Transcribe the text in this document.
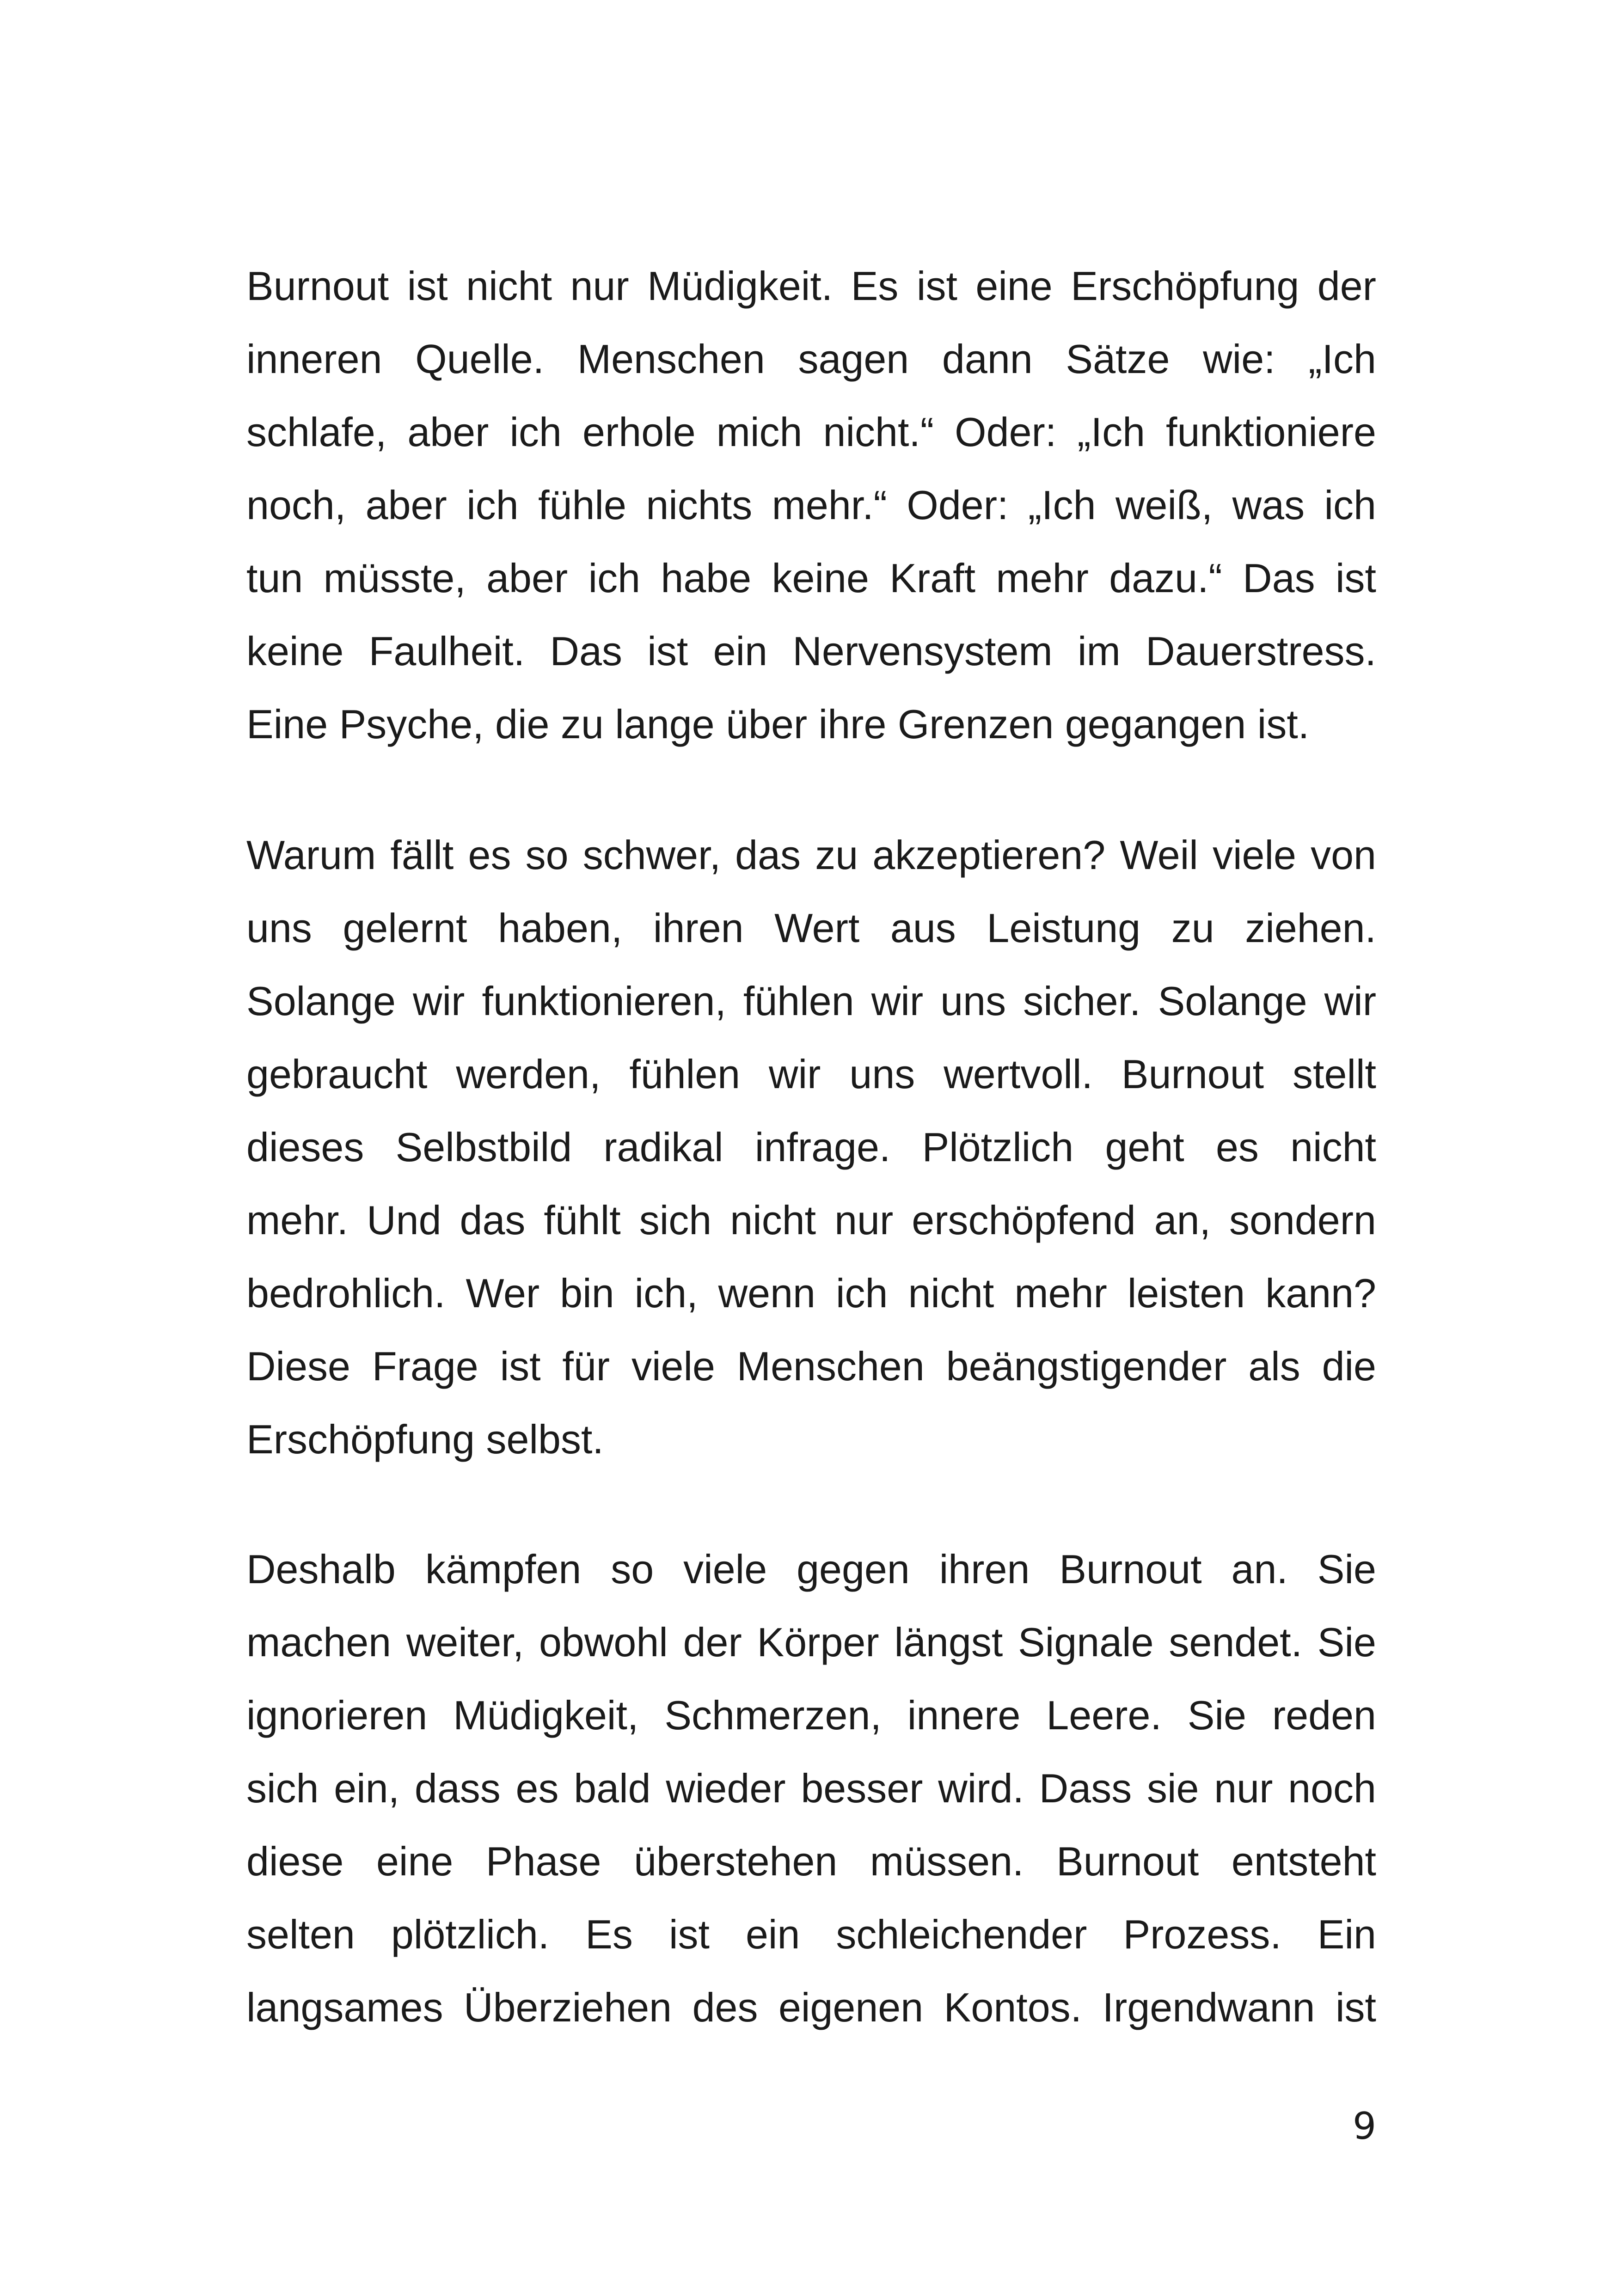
Burnout ist nicht nur Müdigkeit. Es ist eine Erschöpfung der
inneren Quelle. Menschen sagen dann Sätze wie: „Ich
schlafe, aber ich erhole mich nicht.“ Oder: „Ich funktioniere
noch, aber ich fühle nichts mehr.“ Oder: „Ich weiß, was ich
tun müsste, aber ich habe keine Kraft mehr dazu.“ Das ist
keine Faulheit. Das ist ein Nervensystem im Dauerstress.
Eine Psyche, die zu lange über ihre Grenzen gegangen ist.
Warum fällt es so schwer, das zu akzeptieren? Weil viele von
uns gelernt haben, ihren Wert aus Leistung zu ziehen.
Solange wir funktionieren, fühlen wir uns sicher. Solange wir
gebraucht werden, fühlen wir uns wertvoll. Burnout stellt
dieses Selbstbild radikal infrage. Plötzlich geht es nicht
mehr. Und das fühlt sich nicht nur erschöpfend an, sondern
bedrohlich. Wer bin ich, wenn ich nicht mehr leisten kann?
Diese Frage ist für viele Menschen beängstigender als die
Erschöpfung selbst.
Deshalb kämpfen so viele gegen ihren Burnout an. Sie
machen weiter, obwohl der Körper längst Signale sendet. Sie
ignorieren Müdigkeit, Schmerzen, innere Leere. Sie reden
sich ein, dass es bald wieder besser wird. Dass sie nur noch
diese eine Phase überstehen müssen. Burnout entsteht
selten plötzlich. Es ist ein schleichender Prozess. Ein
langsames Überziehen des eigenen Kontos. Irgendwann ist
9
